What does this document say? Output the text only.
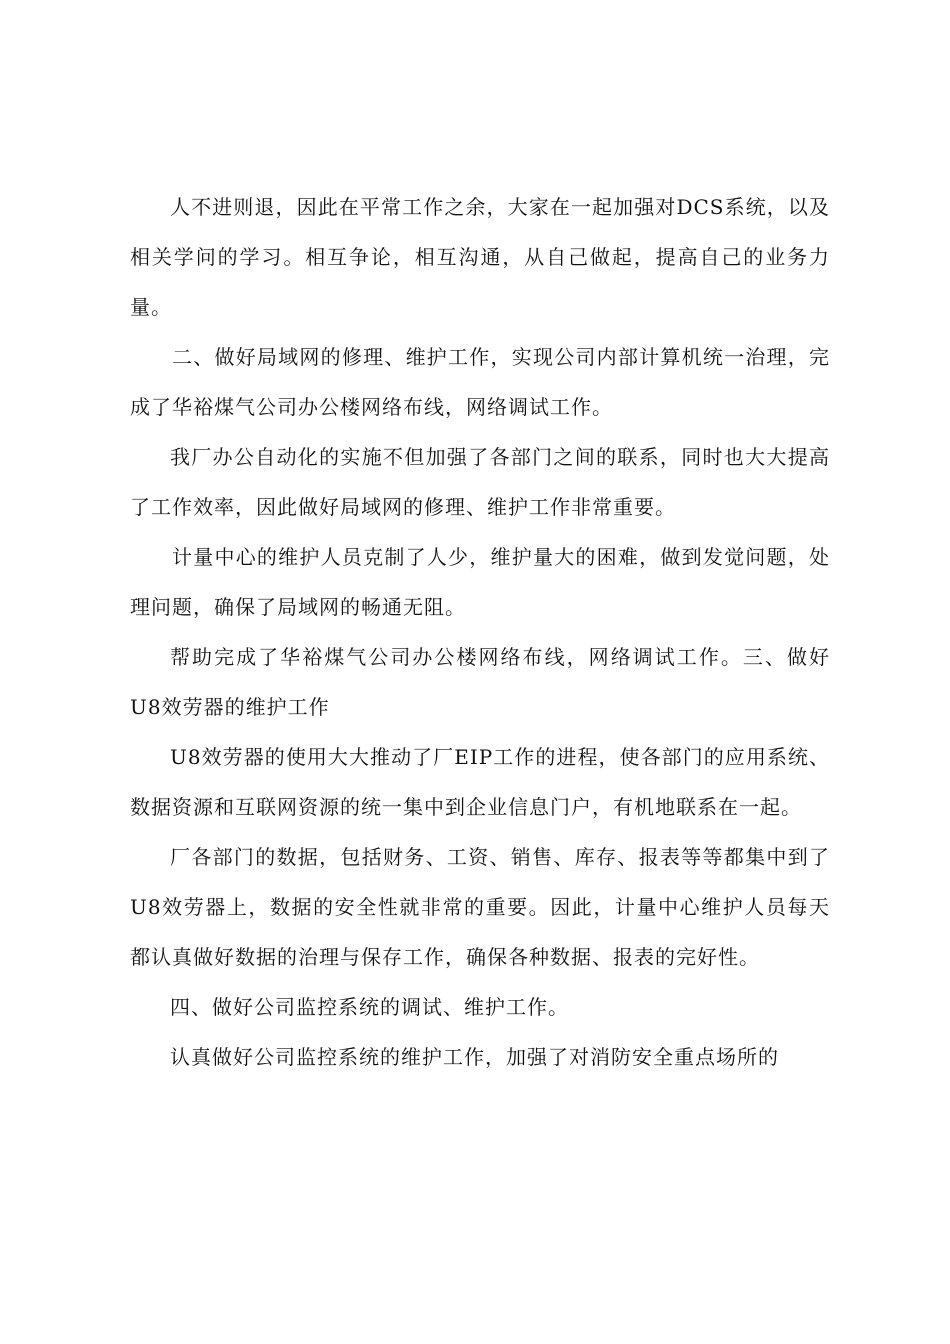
人不进则退，因此在平常工作之余，大家在一起加强对DCS系统，以及相关学问的学习。相互争论，相互沟通，从自己做起，提高自己的业务力量。

二、做好局域网的修理、维护工作，实现公司内部计算机统一治理，完成了华裕煤气公司办公楼网络布线，网络调试工作。

我厂办公自动化的实施不但加强了各部门之间的联系，同时也大大提高了工作效率，因此做好局域网的修理、维护工作非常重要。

计量中心的维护人员克制了人少，维护量大的困难，做到发觉问题，处理问题，确保了局域网的畅通无阻。

帮助完成了华裕煤气公司办公楼网络布线，网络调试工作。三、做好U8效劳器的维护工作

U8效劳器的使用大大推动了厂EIP工作的进程，使各部门的应用系统、数据资源和互联网资源的统一集中到企业信息门户，有机地联系在一起。

厂各部门的数据，包括财务、工资、销售、库存、报表等等都集中到了U8效劳器上，数据的安全性就非常的重要。因此，计量中心维护人员每天都认真做好数据的治理与保存工作，确保各种数据、报表的完好性。

四、做好公司监控系统的调试、维护工作。

认真做好公司监控系统的维护工作，加强了对消防安全重点场所的
